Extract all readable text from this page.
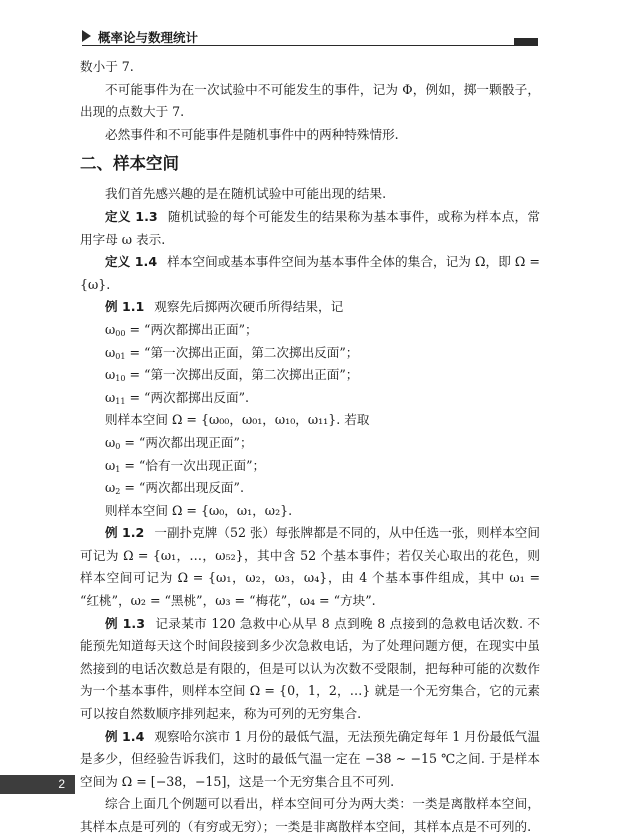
概率论与数理统计

数小于 7.

不可能事件为在一次试验中不可能发生的事件，记为 Φ，例如，掷一颗骰子，出现的点数大于 7.

必然事件和不可能事件是随机事件中的两种特殊情形.

二、样本空间

我们首先感兴趣的是在随机试验中可能出现的结果.

定义 1.3 随机试验的每个可能发生的结果称为基本事件，或称为样本点，常用字母 ω 表示.

定义 1.4 样本空间或基本事件空间为基本事件全体的集合，记为 Ω，即 Ω = {ω}.

例 1.1 观察先后掷两次硬币所得结果，记

$\omega_{00}$ = “两次都掷出正面”；

$\omega_{01}$ = “第一次掷出正面，第二次掷出反面”；

$\omega_{10}$ = “第一次掷出反面，第二次掷出正面”；

$\omega_{11}$ = “两次都掷出反面”.

则样本空间 Ω = {ω₀₀，ω₀₁，ω₁₀，ω₁₁}. 若取

$\omega_0$ = “两次都出现正面”；

$\omega_1$ = “恰有一次出现正面”；

$\omega_2$ = “两次都出现反面”.

则样本空间 Ω = {ω₀，ω₁，ω₂}.

例 1.2 一副扑克牌（52 张）每张牌都是不同的，从中任选一张，则样本空间可记为 Ω = {ω₁，…，ω₅₂}，其中含 52 个基本事件；若仅关心取出的花色，则样本空间可记为 Ω = {ω₁，ω₂，ω₃，ω₄}，由 4 个基本事件组成，其中 ω₁ = “红桃”，ω₂ = “黑桃”，ω₃ = “梅花”，ω₄ = “方块”.

例 1.3 记录某市 120 急救中心从早 8 点到晚 8 点接到的急救电话次数. 不能预先知道每天这个时间段接到多少次急救电话，为了处理问题方便，在现实中虽然接到的电话次数总是有限的，但是可以认为次数不受限制，把每种可能的次数作为一个基本事件，则样本空间 Ω = {0，1，2，…} 就是一个无穷集合，它的元素可以按自然数顺序排列起来，称为可列的无穷集合.

例 1.4 观察哈尔滨市 1 月份的最低气温，无法预先确定每年 1 月份最低气温是多少，但经验告诉我们，这时的最低气温一定在 −38 ~ −15 ℃之间. 于是样本空间为 Ω = [−38，−15]，这是一个无穷集合且不可列.

综合上面几个例题可以看出，样本空间可分为两大类：一类是离散样本空间，其样本点是可列的（有穷或无穷）；一类是非离散样本空间，其样本点是不可列的.

2
